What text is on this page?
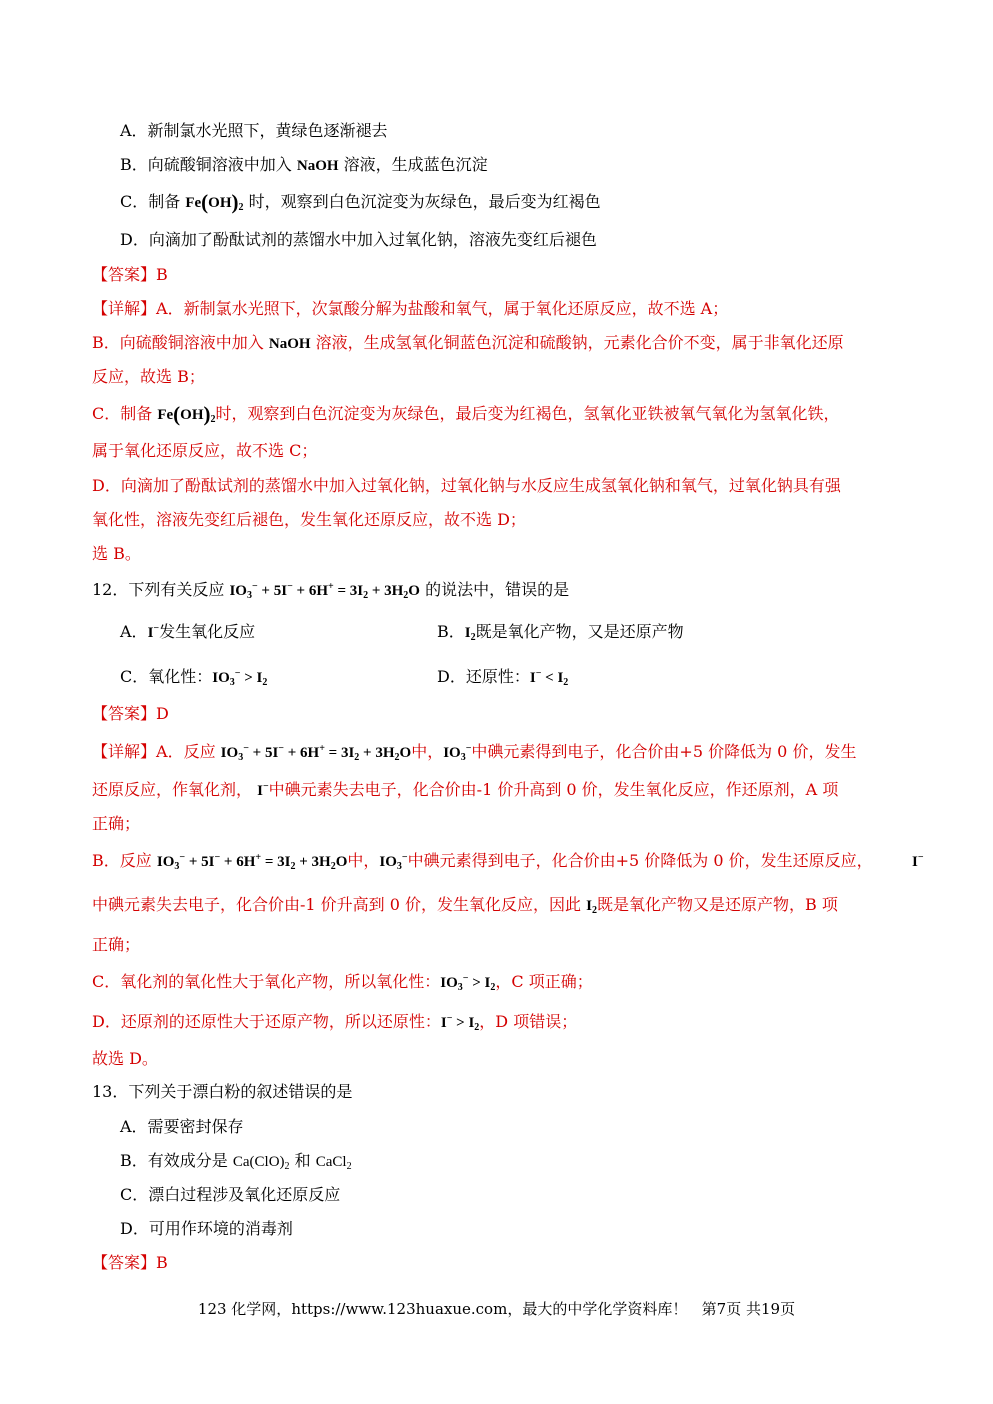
A．新制氯水光照下，黄绿色逐渐褪去
B．向硫酸铜溶液中加入 NaOH 溶液，生成蓝色沉淀
C．制备 $Fe(OH)_2$ 时，观察到白色沉淀变为灰绿色，最后变为红褐色
D．向滴加了酚酞试剂的蒸馏水中加入过氧化钠，溶液先变红后褪色
【答案】B
【详解】A．新制氯水光照下，次氯酸分解为盐酸和氧气，属于氧化还原反应，故不选 A；
B．向硫酸铜溶液中加入 NaOH 溶液，生成氢氧化铜蓝色沉淀和硫酸钠，元素化合价不变，属于非氧化还原
反应，故选 B；
C．制备 $Fe(OH)_2$时，观察到白色沉淀变为灰绿色，最后变为红褐色，氢氧化亚铁被氧气氧化为氢氧化铁，
属于氧化还原反应，故不选 C；
D．向滴加了酚酞试剂的蒸馏水中加入过氧化钠，过氧化钠与水反应生成氢氧化钠和氧气，过氧化钠具有强
氧化性，溶液先变红后褪色，发生氧化还原反应，故不选 D；
选 B。
12．下列有关反应 $IO_3^- + 5I^- + 6H^+ = 3I_2 + 3H_2O$ 的说法中，错误的是
A．I−发生氧化反应	B．$I_2$既是氧化产物，又是还原产物
C．氧化性：$IO_3^- > I_2$	D．还原性：$I^- < I_2$
【答案】D
【详解】A．反应 $IO_3^- + 5I^- + 6H^+ = 3I_2 + 3H_2O$中，$IO_3^-$中碘元素得到电子，化合价由+5 价降低为 0 价，发生
还原反应，作氧化剂， I−中碘元素失去电子，化合价由-1 价升高到 0 价，发生氧化反应，作还原剂，A 项
正确；
B．反应 $IO_3^- + 5I^- + 6H^+ = 3I_2 + 3H_2O$中，$IO_3^-$中碘元素得到电子，化合价由+5 价降低为 0 价，发生还原反应，	I−
中碘元素失去电子，化合价由-1 价升高到 0 价，发生氧化反应，因此 $I_2$既是氧化产物又是还原产物，B 项
正确；
C．氧化剂的氧化性大于氧化产物，所以氧化性：$IO_3^- > I_2$，C 项正确；
D．还原剂的还原性大于还原产物，所以还原性：$I^- > I_2$，D 项错误；
故选 D。
13．下列关于漂白粉的叙述错误的是
A．需要密封保存
B．有效成分是 $Ca(ClO)_2$ 和 CaCl$_2$
C．漂白过程涉及氧化还原反应
D．可用作环境的消毒剂
【答案】B
123 化学网，https://www.123huaxue.com，最大的中学化学资料库！ 第7页 共19页
